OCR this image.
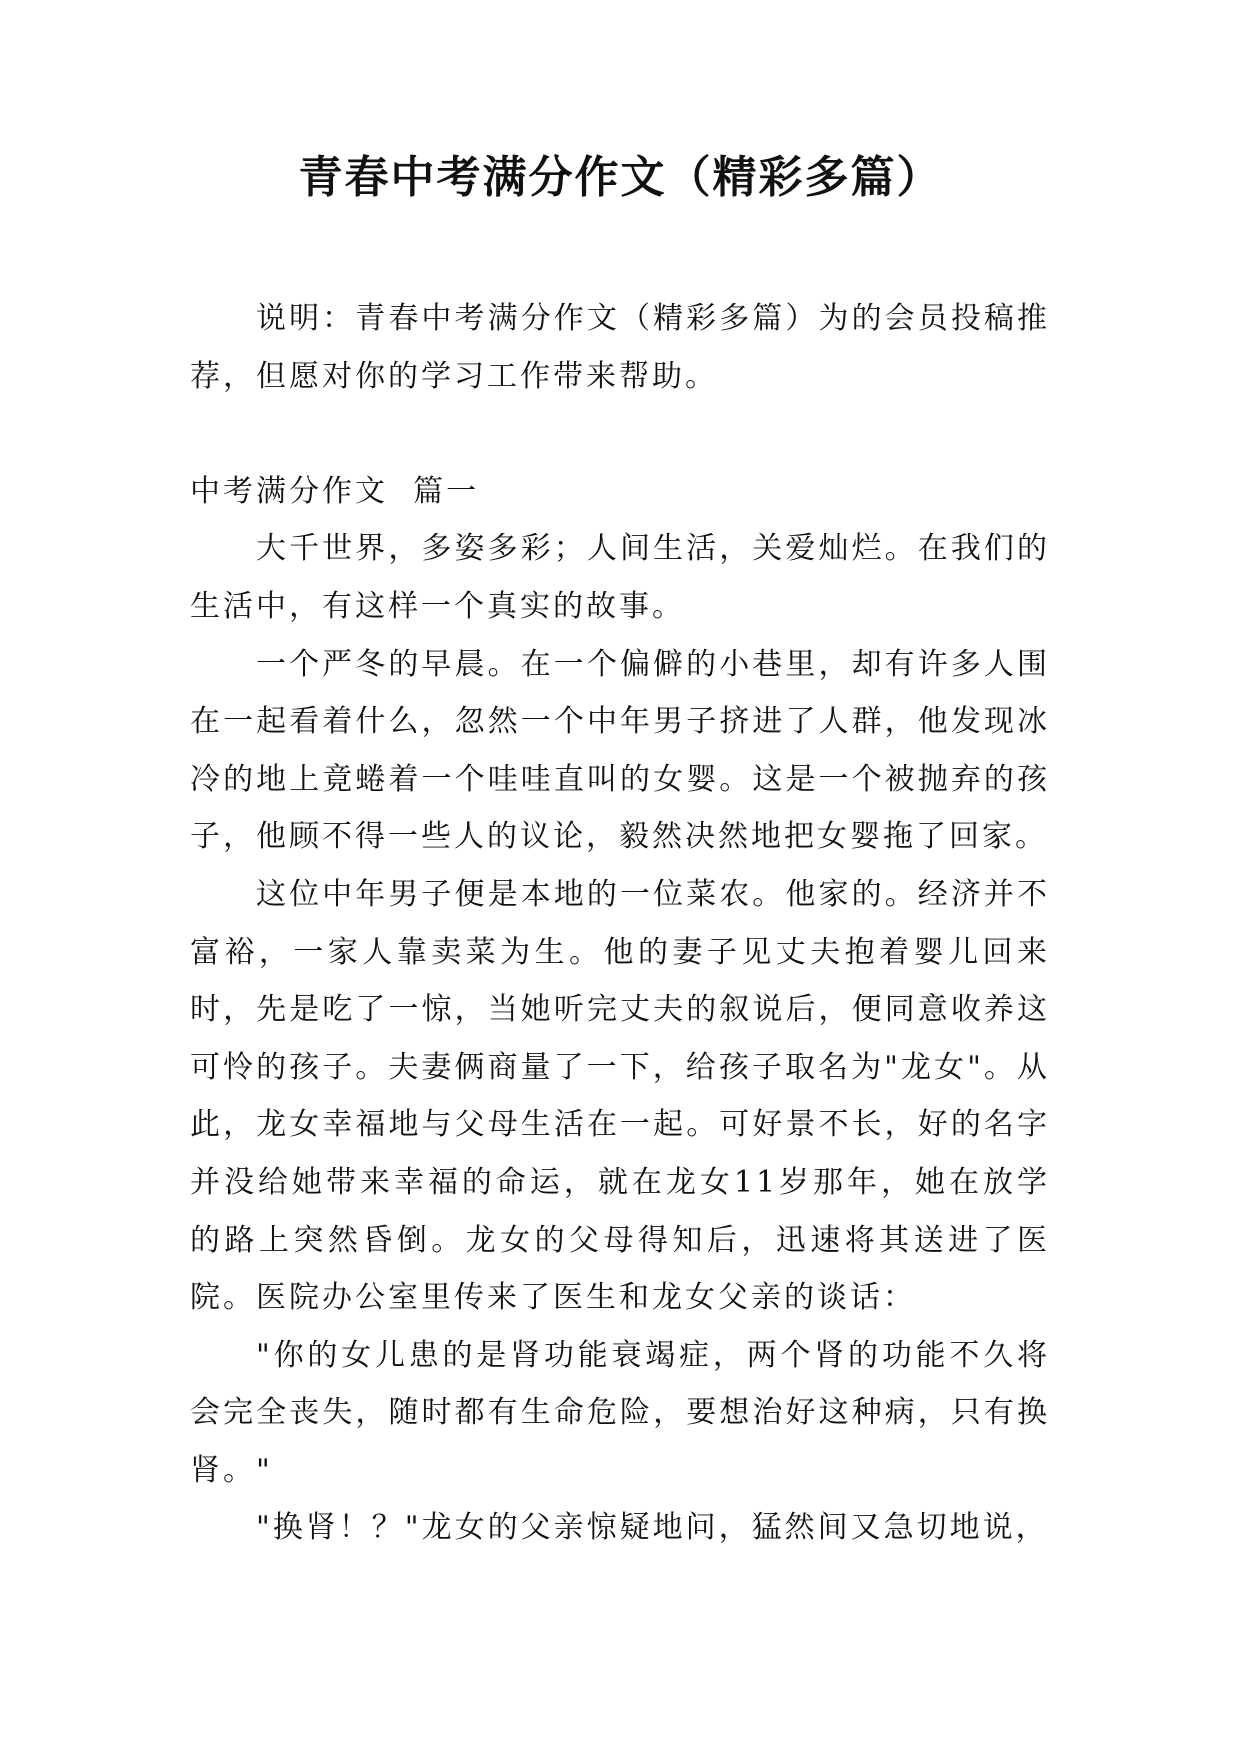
青春中考满分作文（精彩多篇）

说明：青春中考满分作文（精彩多篇）为的会员投稿推荐，但愿对你的学习工作带来帮助。

中考满分作文  篇一

大千世界，多姿多彩；人间生活，关爱灿烂。在我们的生活中，有这样一个真实的故事。

一个严冬的早晨。在一个偏僻的小巷里，却有许多人围在一起看着什么，忽然一个中年男子挤进了人群，他发现冰冷的地上竟蜷着一个哇哇直叫的女婴。这是一个被抛弃的孩子，他顾不得一些人的议论，毅然决然地把女婴拖了回家。

这位中年男子便是本地的一位菜农。他家的。经济并不富裕，一家人靠卖菜为生。他的妻子见丈夫抱着婴儿回来时，先是吃了一惊，当她听完丈夫的叙说后，便同意收养这可怜的孩子。夫妻俩商量了一下，给孩子取名为"龙女"。从此，龙女幸福地与父母生活在一起。可好景不长，好的名字并没给她带来幸福的命运，就在龙女11岁那年，她在放学的路上突然昏倒。龙女的父母得知后，迅速将其送进了医院。医院办公室里传来了医生和龙女父亲的谈话：

"你的女儿患的是肾功能衰竭症，两个肾的功能不久将会完全丧失，随时都有生命危险，要想治好这种病，只有换肾。"

"换肾！？"龙女的父亲惊疑地问，猛然间又急切地说，
